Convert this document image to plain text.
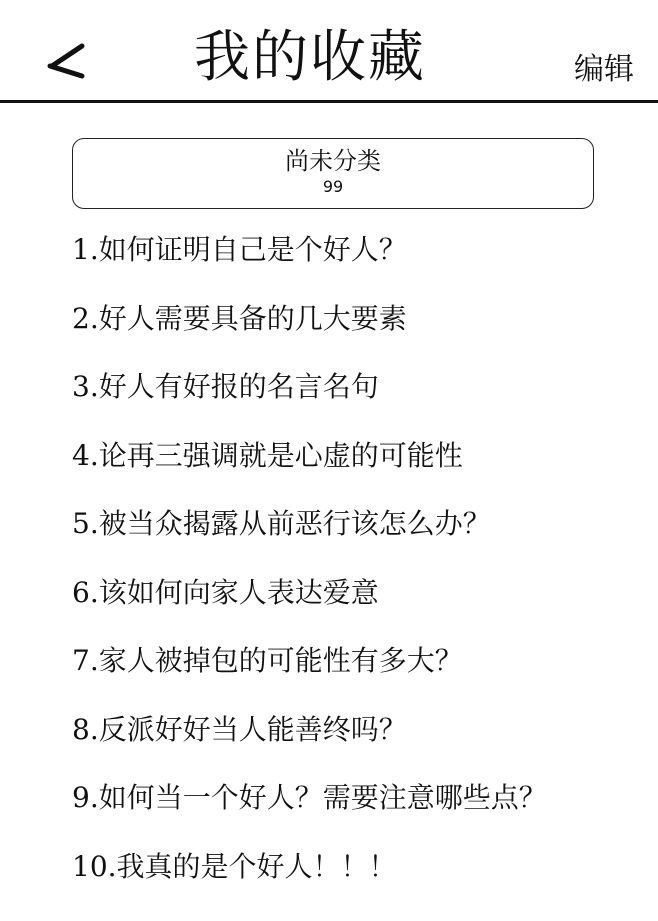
我的收藏	编辑
尚未分类
99
1.如何证明自己是个好人？
2.好人需要具备的几大要素
3.好人有好报的名言名句
4.论再三强调就是心虚的可能性
5.被当众揭露从前恶行该怎么办？
6.该如何向家人表达爱意
7.家人被掉包的可能性有多大？
8.反派好好当人能善终吗？
9.如何当一个好人？需要注意哪些点？
10.我真的是个好人！！！
